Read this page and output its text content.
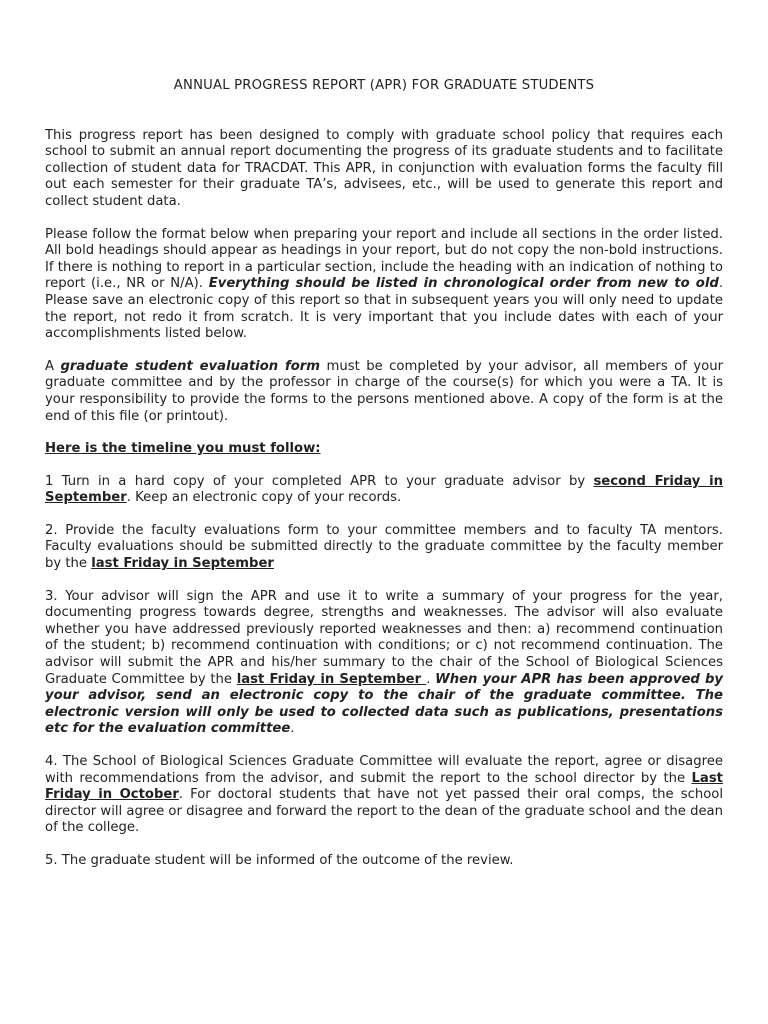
ANNUAL PROGRESS REPORT (APR) FOR GRADUATE STUDENTS

This progress report has been designed to comply with graduate school policy that requires each school to submit an annual report documenting the progress of its graduate students and to facilitate collection of student data for TRACDAT. This APR, in conjunction with evaluation forms the faculty fill out each semester for their graduate TA’s, advisees, etc., will be used to generate this report and collect student data.

Please follow the format below when preparing your report and include all sections in the order listed. All bold headings should appear as headings in your report, but do not copy the non-bold instructions. If there is nothing to report in a particular section, include the heading with an indication of nothing to report (i.e., NR or N/A). Everything should be listed in chronological order from new to old. Please save an electronic copy of this report so that in subsequent years you will only need to update the report, not redo it from scratch. It is very important that you include dates with each of your accomplishments listed below.

A graduate student evaluation form must be completed by your advisor, all members of your graduate committee and by the professor in charge of the course(s) for which you were a TA. It is your responsibility to provide the forms to the persons mentioned above. A copy of the form is at the end of this file (or printout).

Here is the timeline you must follow:

1 Turn in a hard copy of your completed APR to your graduate advisor by second Friday in September. Keep an electronic copy of your records.

2. Provide the faculty evaluations form to your committee members and to faculty TA mentors. Faculty evaluations should be submitted directly to the graduate committee by the faculty member by the last Friday in September

3. Your advisor will sign the APR and use it to write a summary of your progress for the year, documenting progress towards degree, strengths and weaknesses. The advisor will also evaluate whether you have addressed previously reported weaknesses and then: a) recommend continuation of the student; b) recommend continuation with conditions; or c) not recommend continuation. The advisor will submit the APR and his/her summary to the chair of the School of Biological Sciences Graduate Committee by the last Friday in September . When your APR has been approved by your advisor, send an electronic copy to the chair of the graduate committee. The electronic version will only be used to collected data such as publications, presentations etc for the evaluation committee.

4. The School of Biological Sciences Graduate Committee will evaluate the report, agree or disagree with recommendations from the advisor, and submit the report to the school director by the Last Friday in October. For doctoral students that have not yet passed their oral comps, the school director will agree or disagree and forward the report to the dean of the graduate school and the dean of the college.

5. The graduate student will be informed of the outcome of the review.
